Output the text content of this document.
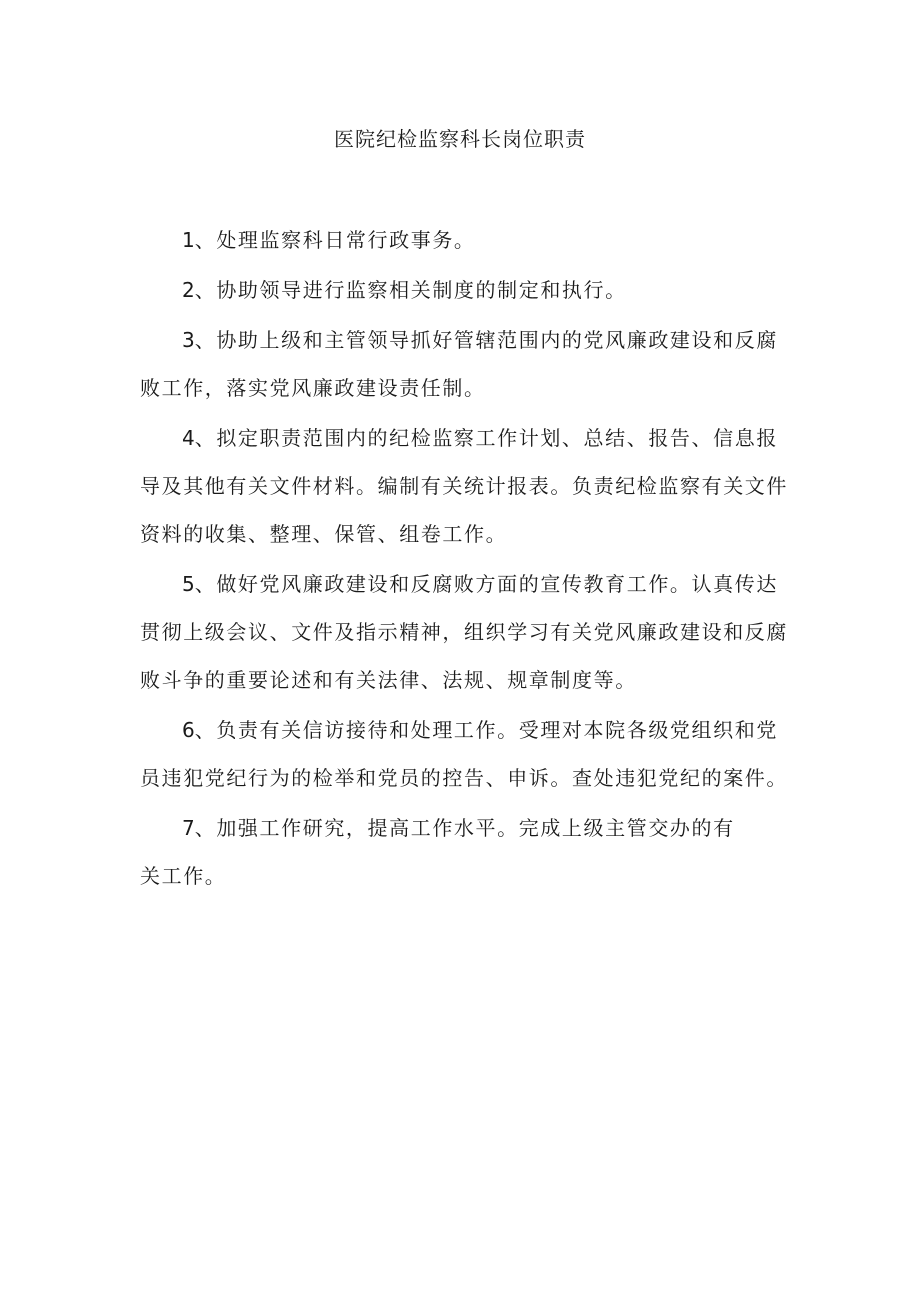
医院纪检监察科长岗位职责

1、处理监察科日常行政事务。

2、协助领导进行监察相关制度的制定和执行。

3、协助上级和主管领导抓好管辖范围内的党风廉政建设和反腐
败工作，落实党风廉政建设责任制。

4、拟定职责范围内的纪检监察工作计划、总结、报告、信息报
导及其他有关文件材料。编制有关统计报表。负责纪检监察有关文件
资料的收集、整理、保管、组卷工作。

5、做好党风廉政建设和反腐败方面的宣传教育工作。认真传达
贯彻上级会议、文件及指示精神，组织学习有关党风廉政建设和反腐
败斗争的重要论述和有关法律、法规、规章制度等。

6、负责有关信访接待和处理工作。受理对本院各级党组织和党
员违犯党纪行为的检举和党员的控告、申诉。查处违犯党纪的案件。

7、加强工作研究，提高工作水平。完成上级主管交办的有
关工作。
